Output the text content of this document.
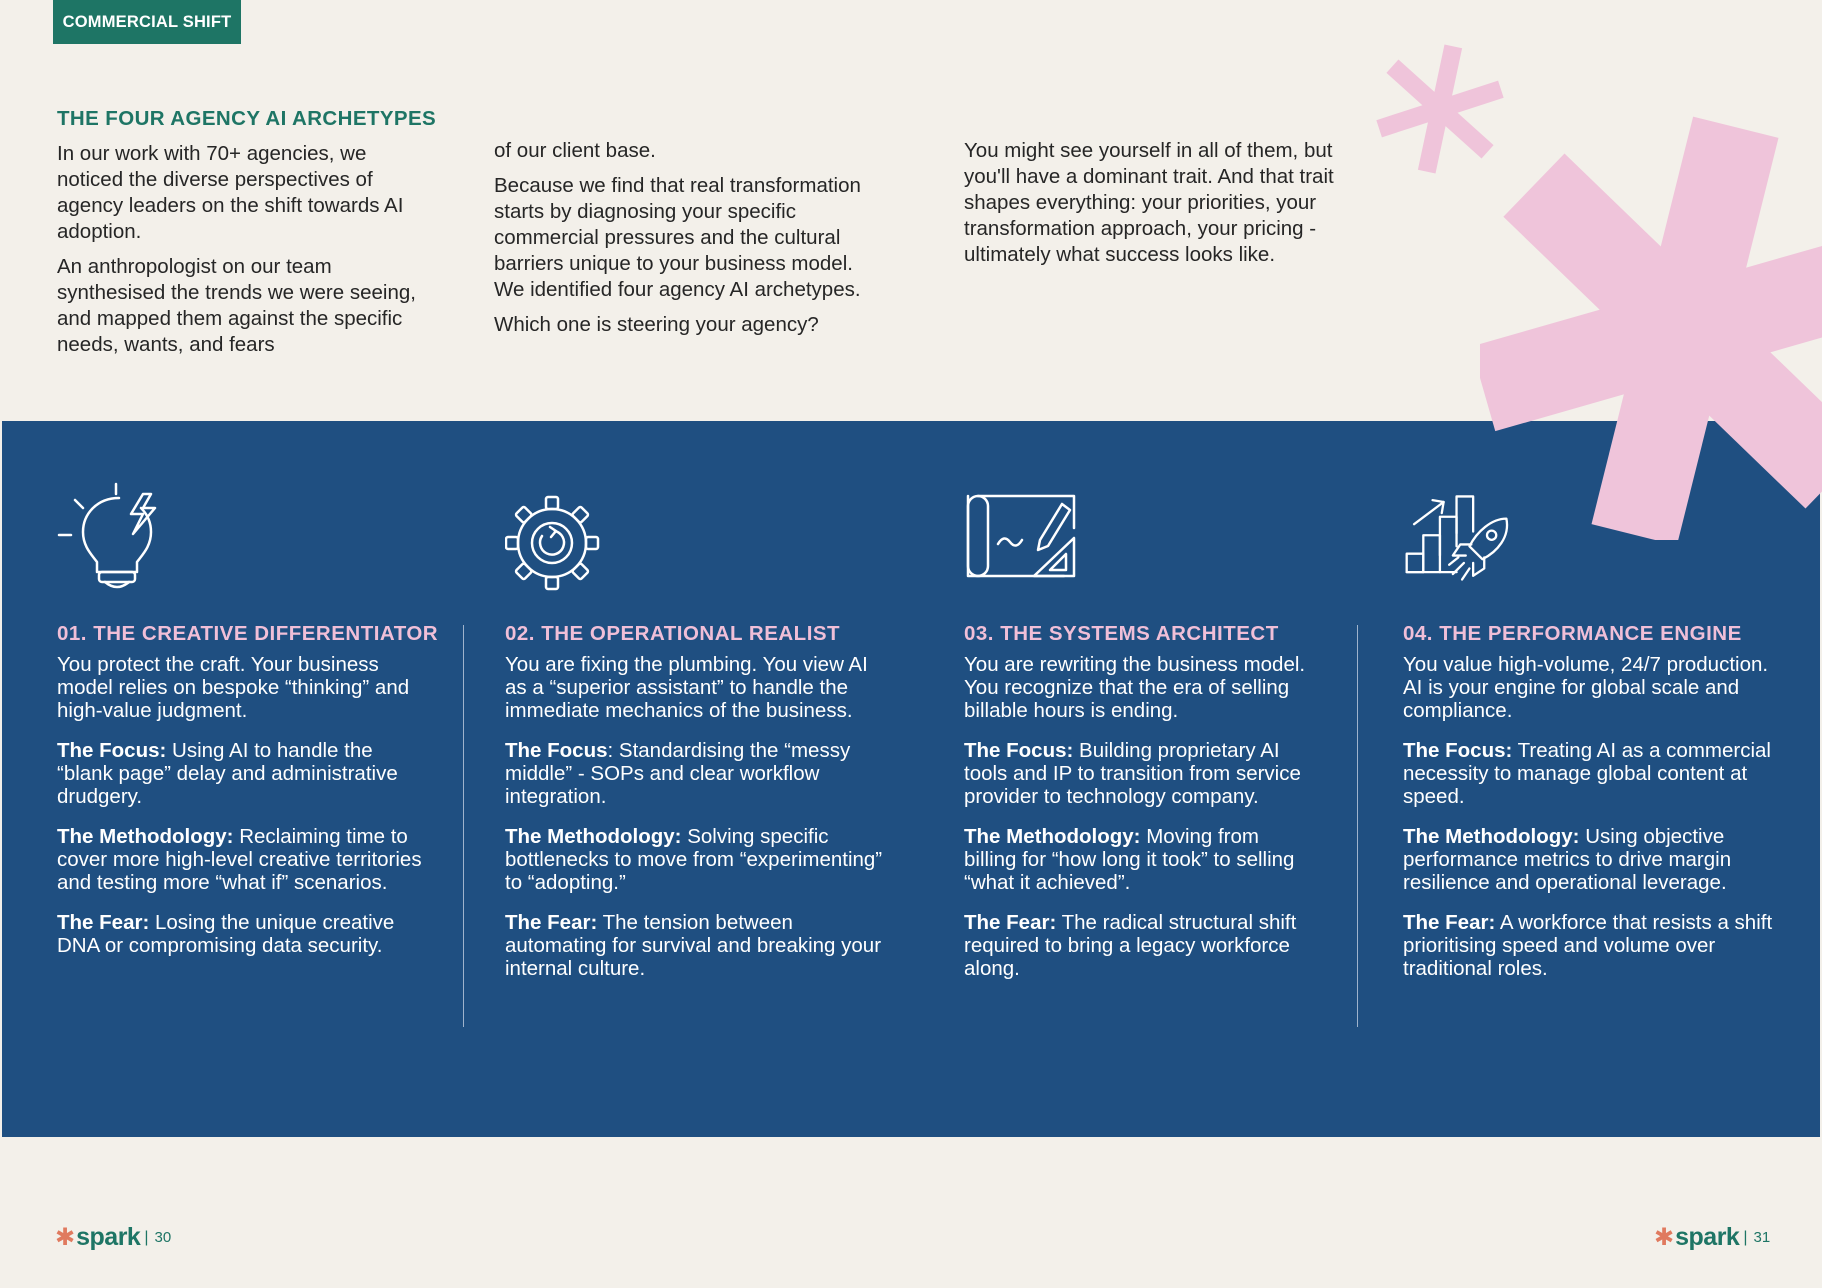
COMMERCIAL SHIFT
THE FOUR AGENCY AI ARCHETYPES

In our work with 70+ agencies, we noticed the diverse perspectives of agency leaders on the shift towards AI adoption.

An anthropologist on our team synthesised the trends we were seeing, and mapped them against the specific needs, wants, and fears

of our client base.

Because we find that real transformation starts by diagnosing your specific commercial pressures and the cultural barriers unique to your business model. We identified four agency AI archetypes.

Which one is steering your agency?

You might see yourself in all of them, but you'll have a dominant trait. And that trait shapes everything: your priorities, your transformation approach, your pricing - ultimately what success looks like.

01. THE CREATIVE DIFFERENTIATOR

You protect the craft. Your business model relies on bespoke “thinking” and high-value judgment.

The Focus: Using AI to handle the “blank page” delay and administrative drudgery.

The Methodology: Reclaiming time to cover more high-level creative territories and testing more “what if” scenarios.

The Fear: Losing the unique creative DNA or compromising data security.

02. THE OPERATIONAL REALIST

You are fixing the plumbing. You view AI as a “superior assistant” to handle the immediate mechanics of the business.

The Focus: Standardising the “messy middle” - SOPs and clear workflow integration.

The Methodology: Solving specific bottlenecks to move from “experimenting” to “adopting.”

The Fear: The tension between automating for survival and breaking your internal culture.

03. THE SYSTEMS ARCHITECT

You are rewriting the business model. You recognize that the era of selling billable hours is ending.

The Focus: Building proprietary AI tools and IP to transition from service provider to technology company.

The Methodology: Moving from billing for “how long it took” to selling “what it achieved”.

The Fear: The radical structural shift required to bring a legacy workforce along.

04. THE PERFORMANCE ENGINE

You value high-volume, 24/7 production. AI is your engine for global scale and compliance.

The Focus: Treating AI as a commercial necessity to manage global content at speed.

The Methodology: Using objective performance metrics to drive margin resilience and operational leverage.

The Fear: A workforce that resists a shift prioritising speed and volume over traditional roles.

✱ spark | 30	✱ spark | 31
